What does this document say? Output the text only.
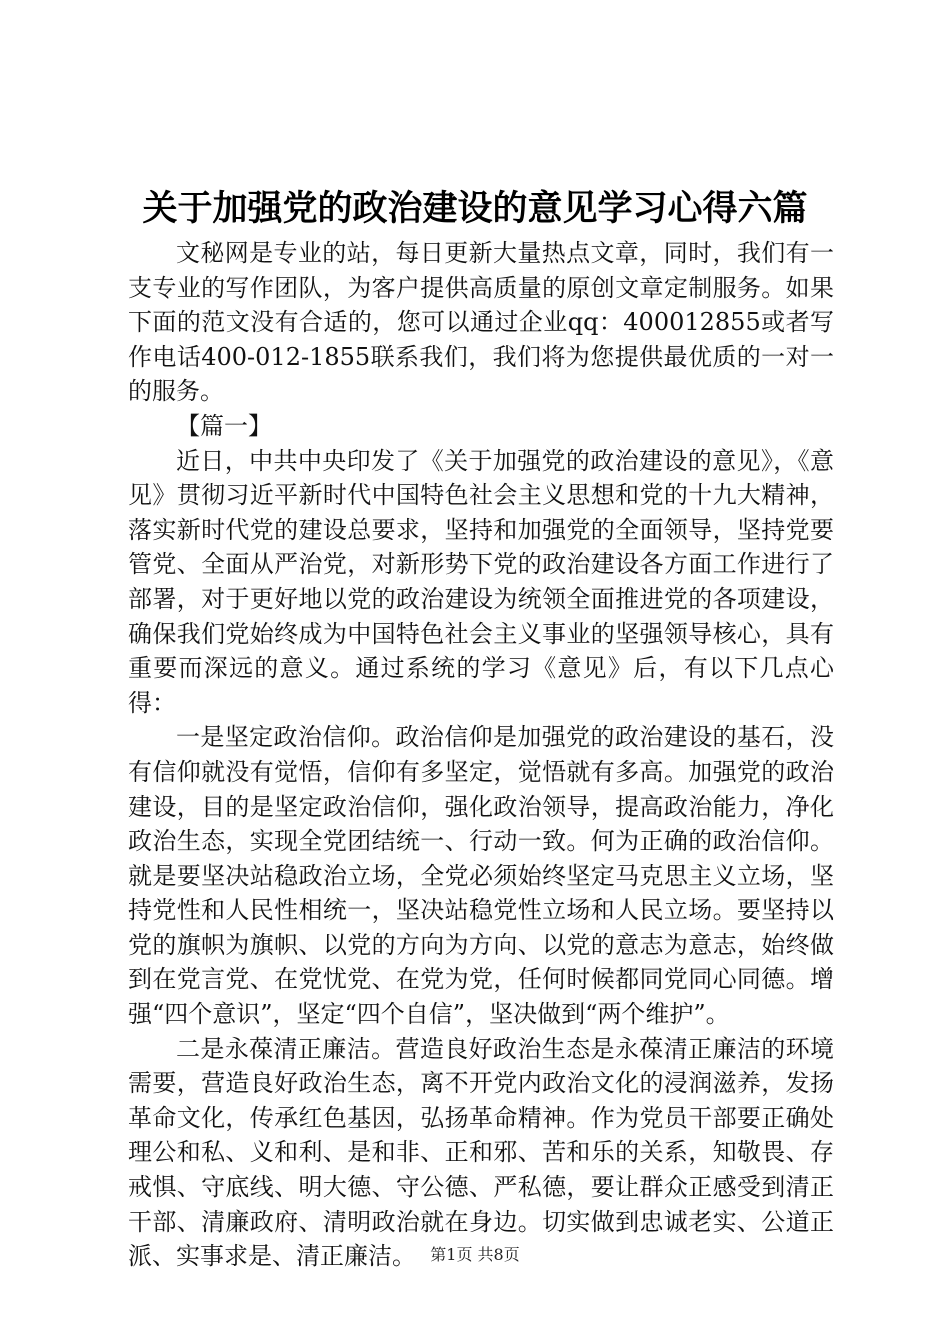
关于加强党的政治建设的意见学习心得六篇

文秘网是专业的站，每日更新大量热点文章，同时，我们有一支专业的写作团队，为客户提供高质量的原创文章定制服务。如果下面的范文没有合适的，您可以通过企业qq：400012855或者写作电话400-012-1855联系我们，我们将为您提供最优质的一对一的服务。

【篇一】

近日，中共中央印发了《关于加强党的政治建设的意见》，《意见》贯彻习近平新时代中国特色社会主义思想和党的十九大精神，落实新时代党的建设总要求，坚持和加强党的全面领导，坚持党要管党、全面从严治党，对新形势下党的政治建设各方面工作进行了部署，对于更好地以党的政治建设为统领全面推进党的各项建设，确保我们党始终成为中国特色社会主义事业的坚强领导核心，具有重要而深远的意义。通过系统的学习《意见》后，有以下几点心得：

一是坚定政治信仰。政治信仰是加强党的政治建设的基石，没有信仰就没有觉悟，信仰有多坚定，觉悟就有多高。加强党的政治建设，目的是坚定政治信仰，强化政治领导，提高政治能力，净化政治生态，实现全党团结统一、行动一致。何为正确的政治信仰。就是要坚决站稳政治立场，全党必须始终坚定马克思主义立场，坚持党性和人民性相统一，坚决站稳党性立场和人民立场。要坚持以党的旗帜为旗帜、以党的方向为方向、以党的意志为意志，始终做到在党言党、在党忧党、在党为党，任何时候都同党同心同德。增强“四个意识”，坚定“四个自信”，坚决做到“两个维护”。

二是永葆清正廉洁。营造良好政治生态是永葆清正廉洁的环境需要，营造良好政治生态，离不开党内政治文化的浸润滋养，发扬革命文化，传承红色基因，弘扬革命精神。作为党员干部要正确处理公和私、义和利、是和非、正和邪、苦和乐的关系，知敬畏、存戒惧、守底线、明大德、守公德、严私德，要让群众正感受到清正干部、清廉政府、清明政治就在身边。切实做到忠诚老实、公道正派、实事求是、清正廉洁。 第1页 共8页
